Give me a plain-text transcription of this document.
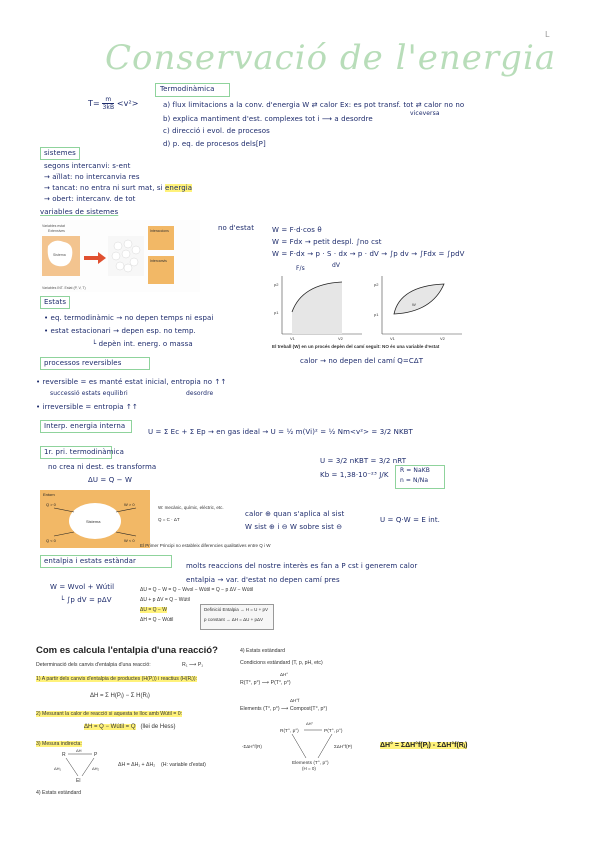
L
Conservació de l'energia
Termodinàmica
$T= \frac{m}{3kB} <v^2>$	a) flux limitacions a la conv. d'energia W ⇄ calor Ex: es pot transf. tot ⇄ calor no no
viceversa
b) explica mantiment d'est. complexes tot i ⟶ a desordre
c) direcció i evol. de procesos
d) p. eq. de procesos dels[P]
sistemes
segons intercanvi: s-ent
→ aïllat: no intercanvia res
→ tancat: no entra ni surt mat, si energia
→ obert: intercanv. de tot
variables de sistemes
Variables estat
Extensives
Sistema
Interaccions
Intercanvis
Variables INT. Estat (P, V, T)
no d'estat	W = F·d·cos θ
W = Fdx → petit despl. ∫no cst
W = F·dx → p · S · dx → p · dV → ∫p dv → ∫Fdx = ∫pdV
F/s	dV
p2
p1
V1	V2
W
p2
p1
V1	V2
El treball (W) en un procés depèn del camí seguit: NO és una variable d'estat
Estats
• eq. termodinàmic → no depen temps ni espai
• estat estacionari → depen esp. no temp.
└ depèn int. energ. o massa
calor → no depen del camí Q=CΔT
processos reversibles
• reversible = es manté estat inicial, entropia no ↑↑
successió estats equilibri	desordre
• irreversible = entropia ↑↑
Interp. energia interna
U = Σ Ec + Σ Ep → en gas ideal → U = ½ m(Vi)² = ½ Nm<v²> = 3/2 NKBT
1r. pri. termodinàmica
no crea ni dest. es transforma
ΔU = Q − W
U = 3/2 nKBT = 3/2 nRT
Kb = 1,38·10⁻²³ J/K
R = NaKB
n = N/Na
calor ⊕ quan s'aplica al sist
W sist ⊕ i ⊖ W sobre sist ⊖
U = Q·W = E int.
Entorn
Sistema
Q > 0	W > 0
Q < 0	W < 0
W: mecànic, químic, elèctric, etc.
Q = C · ΔT
El Primer Principi no estableix diferencies qualitatives entre Q i W
entalpia i estats estàndar
molts reaccions del nostre interès es fan a P cst i generem calor
entalpia → var. d'estat no depen camí pres
W = Wvol + Wútil
└ ∫p dV = pΔV
ΔU = Q − W = Q − Wvol − Wútil = Q − p ΔV − Wútil
ΔU + p ΔV = Q − Wútil
ΔU = Q − W
ΔH = Q − Wútil
Definició Entalpia → H = U + pV
p constant → ΔH = ΔU + pΔV
Com es calcula l'entalpia d'una reacció?
Determinació dels canvis d'entalpia d'una reacció:	R₁ ⟶ P₁
1) A partir dels canvis d'entalpia de productes (H(Pⱼ)) i reactius (H(Rⱼ)):
ΔH = Σ H(Pⱼ) − Σ H(Rⱼ)
2) Mesurant la calor de reacció si aquesta te lloc amb Wútil = 0:
ΔH = Q − Wútil = Q (llei de Hess)
3) Mesura indirecta:
R	P
ΔH
ΔH₁	ΔH₂
El
ΔH = ΔH₁ + ΔH₂ (H: variable d'estat)
4) Estats estàndard
4) Estats estàndard
Condicions estàndard (T, p, pH, etc)
ΔH°
R(T°, p°) ⟶ P(T°, p°)
ΔH°f
Elements (T°, p°) ⟶ Compost(T°, p°)
ΔH°
R(T°, p°)	P(T°, p°)
-ΣΔH°f(R)	ΣΔH°f(P)
Elements (T°, p°)
(H = 0)
ΔH° = ΣΔH°f(Pⱼ) - ΣΔH°f(Rⱼ)
